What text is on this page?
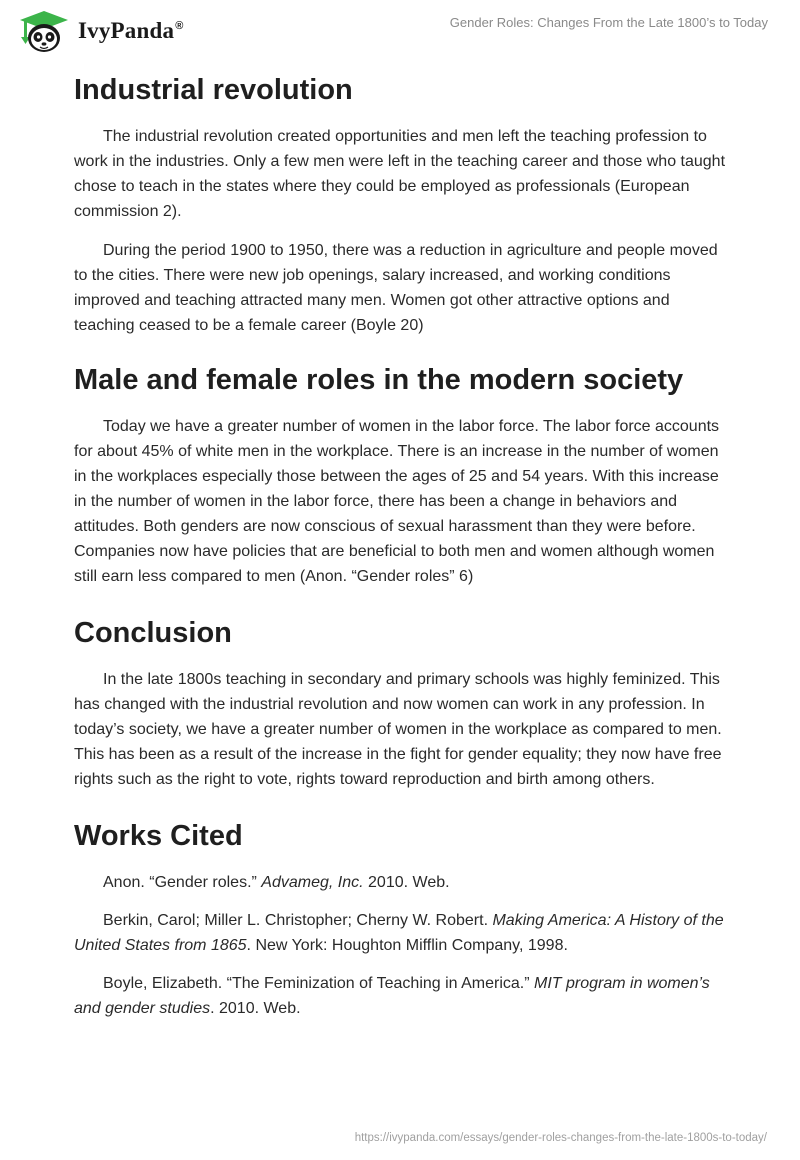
IvyPanda®	Gender Roles: Changes From the Late 1800’s to Today
Industrial revolution

The industrial revolution created opportunities and men left the teaching profession to work in the industries. Only a few men were left in the teaching career and those who taught chose to teach in the states where they could be employed as professionals (European commission 2).

During the period 1900 to 1950, there was a reduction in agriculture and people moved to the cities. There were new job openings, salary increased, and working conditions improved and teaching attracted many men. Women got other attractive options and teaching ceased to be a female career (Boyle 20)

Male and female roles in the modern society

Today we have a greater number of women in the labor force. The labor force accounts for about 45% of white men in the workplace. There is an increase in the number of women in the workplaces especially those between the ages of 25 and 54 years. With this increase in the number of women in the labor force, there has been a change in behaviors and attitudes. Both genders are now conscious of sexual harassment than they were before. Companies now have policies that are beneficial to both men and women although women still earn less compared to men (Anon. “Gender roles” 6)

Conclusion

In the late 1800s teaching in secondary and primary schools was highly feminized. This has changed with the industrial revolution and now women can work in any profession. In today’s society, we have a greater number of women in the workplace as compared to men. This has been as a result of the increase in the fight for gender equality; they now have free rights such as the right to vote, rights toward reproduction and birth among others.

Works Cited

Anon. “Gender roles.” Advameg, Inc. 2010. Web.

Berkin, Carol; Miller L. Christopher; Cherny W. Robert. Making America: A History of the United States from 1865. New York: Houghton Mifflin Company, 1998.

Boyle, Elizabeth. “The Feminization of Teaching in America.” MIT program in women’s and gender studies. 2010. Web.

https://ivypanda.com/essays/gender-roles-changes-from-the-late-1800s-to-today/
